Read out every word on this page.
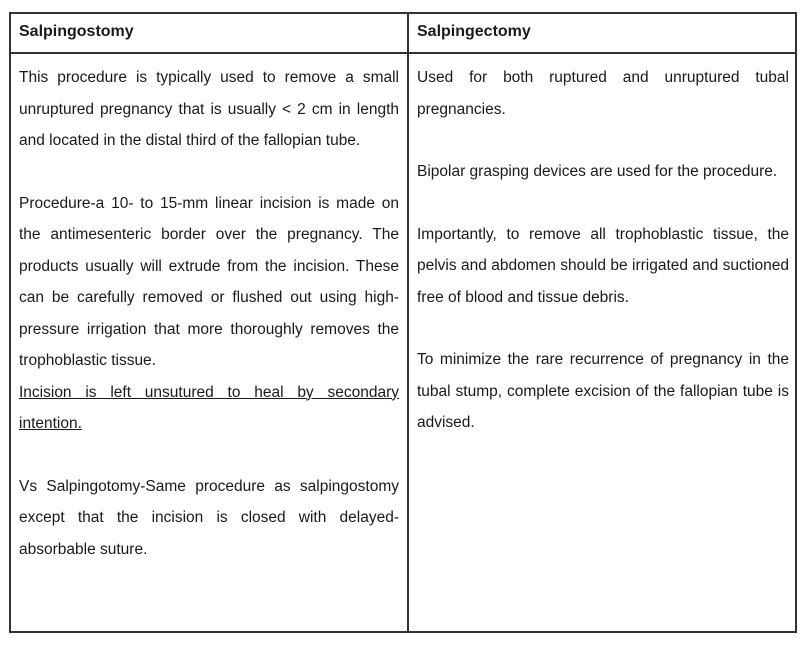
Salpingostomy	Salpingectomy

This procedure is typically used to remove a small unruptured pregnancy that is usually < 2 cm in length and located in the distal third of the fallopian tube.

Procedure-a 10- to 15-mm linear incision is made on the antimesenteric border over the pregnancy. The products usually will extrude from the incision. These can be carefully removed or flushed out using high-pressure irrigation that more thoroughly removes the trophoblastic tissue.

Incision is left unsutured to heal by secondary intention.

Vs Salpingotomy-Same procedure as salpingostomy except that the incision is closed with delayed-absorbable suture.

Used for both ruptured and unruptured tubal pregnancies.

Bipolar grasping devices are used for the procedure.

Importantly, to remove all trophoblastic tissue, the pelvis and abdomen should be irrigated and suctioned free of blood and tissue debris.

To minimize the rare recurrence of pregnancy in the tubal stump, complete excision of the fallopian tube is advised.
